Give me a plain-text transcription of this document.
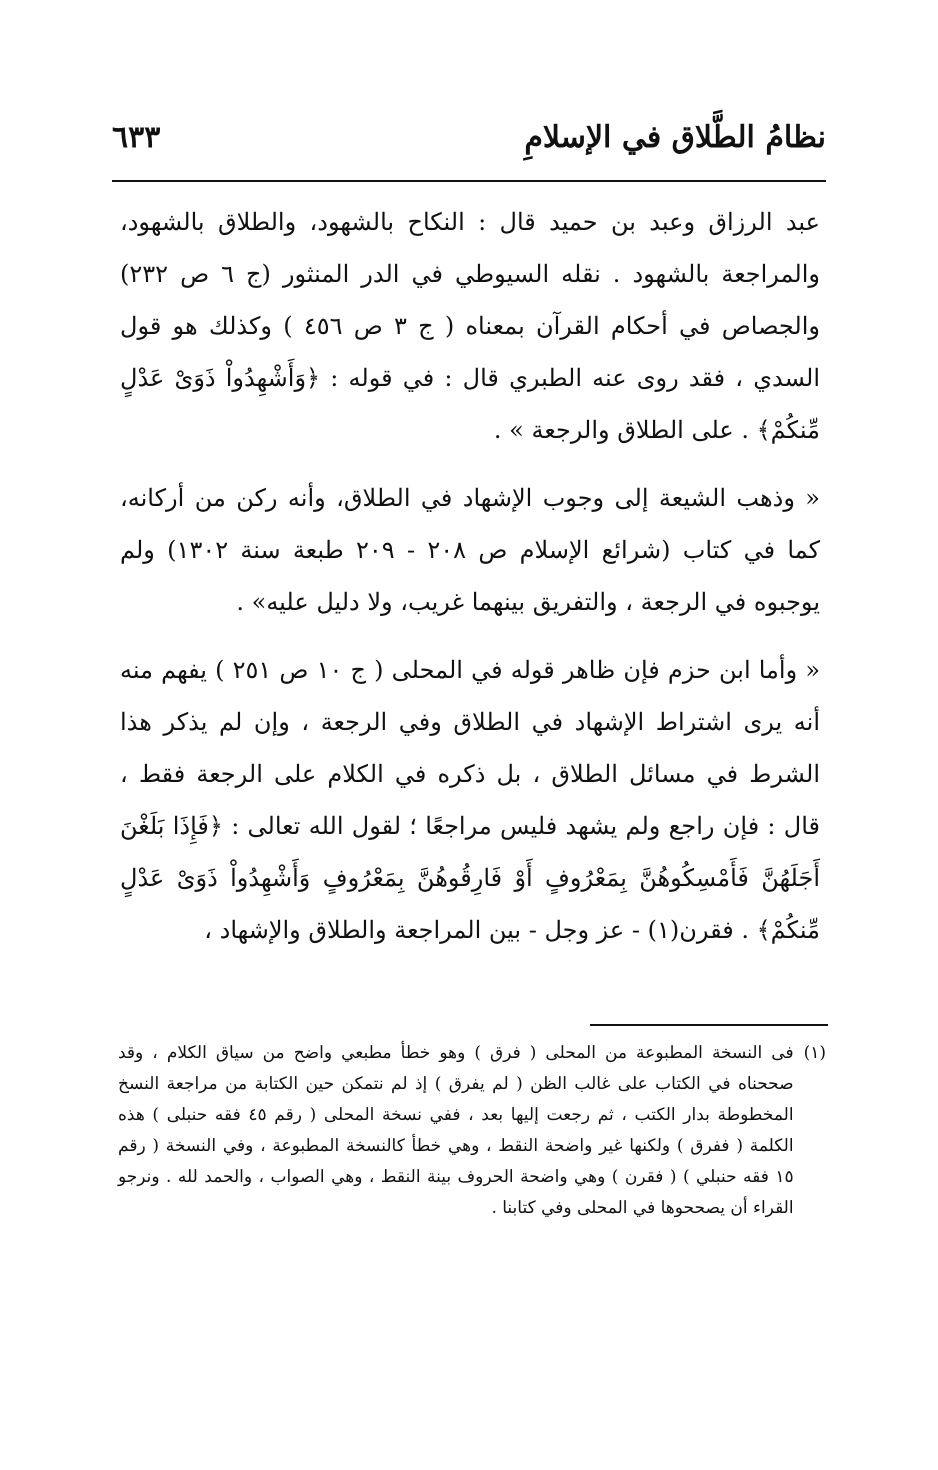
نظامُ الطَّلاق في الإسلامِ
٦٣٣

عبد الرزاق وعبد بن حميد قال : النكاح بالشهود، والطلاق بالشهود، والمراجعة بالشهود . نقله السيوطي في الدر المنثور (ج ٦ ص ٢٣٢) والجصاص في أحكام القرآن بمعناه ( ج ٣ ص ٤٥٦ ) وكذلك هو قول السدي ، فقد روى عنه الطبري قال : في قوله : ﴿وَأَشْهِدُواْ ذَوَىْ عَدْلٍ مِّنكُمْ﴾ . على الطلاق والرجعة » .

« وذهب الشيعة إلى وجوب الإشهاد في الطلاق، وأنه ركن من أركانه، كما في كتاب (شرائع الإسلام ص ٢٠٨ - ٢٠٩ طبعة سنة ١٣٠٢) ولم يوجبوه في الرجعة ، والتفريق بينهما غريب، ولا دليل عليه» .

« وأما ابن حزم فإن ظاهر قوله في المحلى ( ج ١٠ ص ٢٥١ ) يفهم منه أنه يرى اشتراط الإشهاد في الطلاق وفي الرجعة ، وإن لم يذكر هذا الشرط في مسائل الطلاق ، بل ذكره في الكلام على الرجعة فقط ، قال : فإن راجع ولم يشهد فليس مراجعًا ؛ لقول الله تعالى : ﴿فَإِذَا بَلَغْنَ أَجَلَهُنَّ فَأَمْسِكُوهُنَّ بِمَعْرُوفٍ أَوْ فَارِقُوهُنَّ بِمَعْرُوفٍ وَأَشْهِدُواْ ذَوَىْ عَدْلٍ مِّنكُمْ﴾ . فقرن(١) - عز وجل - بين المراجعة والطلاق والإشهاد ،

(١)
فى النسخة المطبوعة من المحلى ( فرق ) وهو خطأ مطبعي واضح من سياق الكلام ، وقد صححناه في الكتاب على غالب الظن ( لم يفرق ) إذ لم نتمكن حين الكتابة من مراجعة النسخ المخطوطة بدار الكتب ، ثم رجعت إليها بعد ، ففي نسخة المحلى ( رقم ٤٥ فقه حنبلى ) هذه الكلمة ( ففرق ) ولكنها غير واضحة النقط ، وهي خطأ كالنسخة المطبوعة ، وفي النسخة ( رقم ١٥ فقه حنبلي ) ( فقرن ) وهي واضحة الحروف بينة النقط ، وهي الصواب ، والحمد لله . ونرجو القراء أن يصححوها في المحلى وفي كتابنا .
